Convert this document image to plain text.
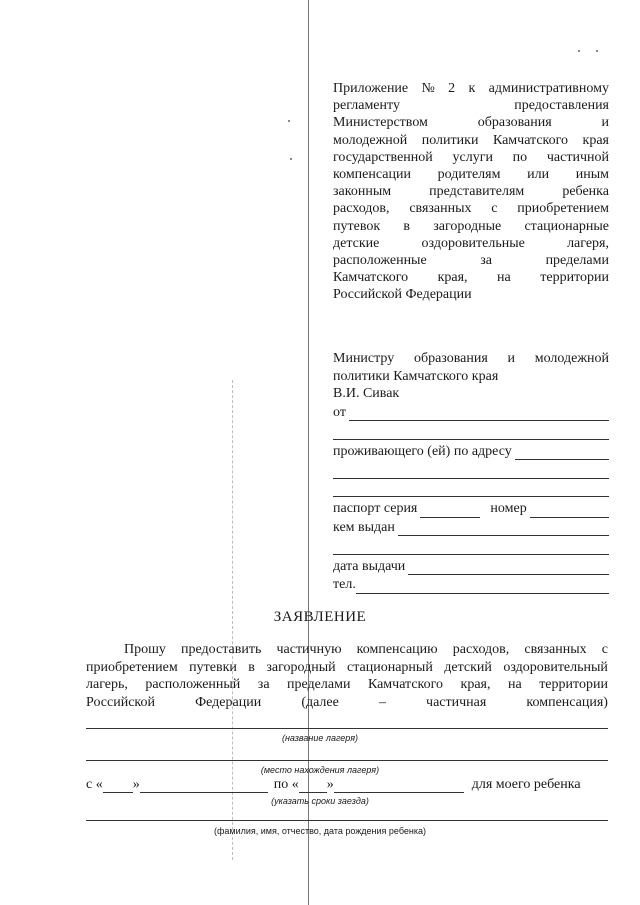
Приложение № 2 к административному
регламенту	предоставления
Министерством	образования	и
молодежной политики Камчатского края
государственной услуги по частичной
компенсации родителям или иным
законным	представителям	ребенка
расходов, связанных с приобретением
путевок в загородные стационарные
детские	оздоровительные	лагеря,
расположенные	за	пределами
Камчатского края, на территории
Российской Федерации
Министру образования и молодежной
политики Камчатского края
В.И. Сивак
от
проживающего (ей) по адресу
паспорт серия	номер
кем выдан
дата выдачи
тел.
ЗАЯВЛЕНИЕ
Прошу предоставить частичную компенсацию расходов, связанных с
приобретением путевки в загородный стационарный детский оздоровительный
лагерь, расположенный за пределами Камчатского края, на территории
Российской	Федерации	(далее	–	частичная	компенсация)
(название лагеря)
(место нахождения лагеря)
с « »	по « »	для моего ребенка
(указать сроки заезда)
(фамилия, имя, отчество, дата рождения ребенка)
